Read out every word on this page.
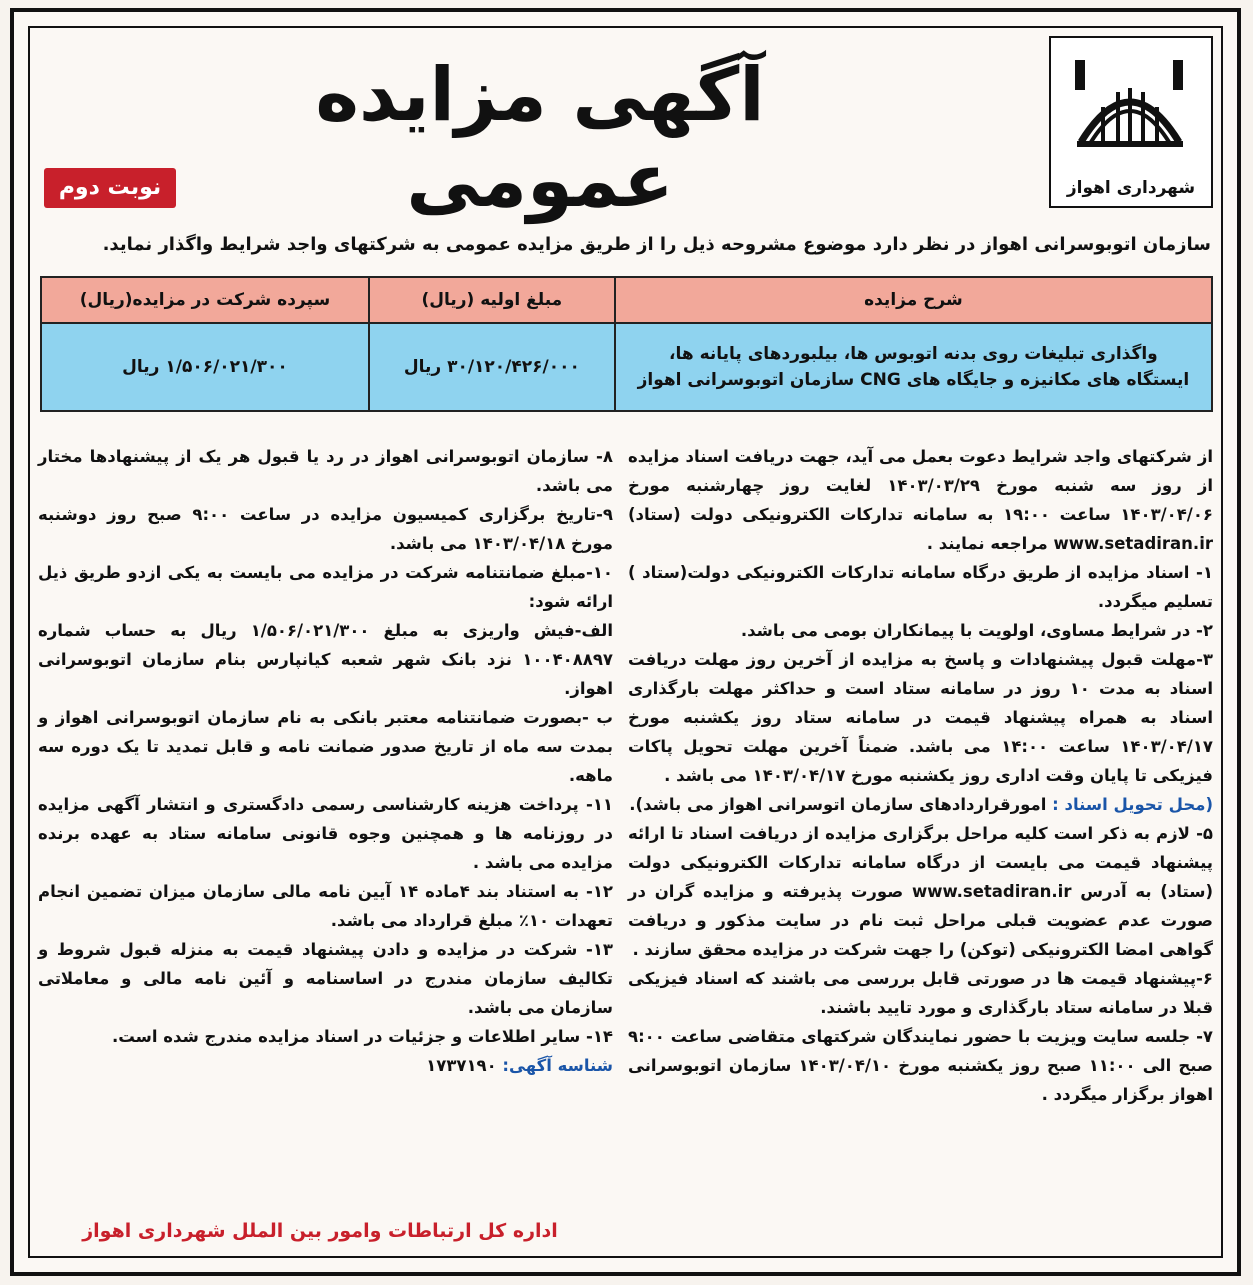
شهرداری اهواز
آگهی مزایده عمومی
نوبت دوم
سازمان اتوبوسرانی اهواز در نظر دارد موضوع مشروحه ذیل را از طریق مزایده عمومی به شرکتهای واجد شرایط واگذار نماید.
شرح مزایده	مبلغ اولیه (ریال)	سپرده شرکت در مزایده(ریال)

واگذاری تبلیغات روی بدنه اتوبوس ها، بیلبوردهای پایانه ها،
ایستگاه های مکانیزه و جایگاه های CNG سازمان اتوبوسرانی اهواز	۳۰/۱۲۰/۴۲۶/۰۰۰ ریال	۱/۵۰۶/۰۲۱/۳۰۰ ریال

از شرکتهای واجد شرایط دعوت بعمل می آید، جهت دریافت اسناد مزایده از روز سه شنبه مورخ ۱۴۰۳/۰۳/۲۹ لغایت روز چهارشنبه مورخ ۱۴۰۳/۰۴/۰۶ ساعت ۱۹:۰۰ به سامانه تدارکات الکترونیکی دولت (ستاد) www.setadiran.ir مراجعه نمایند .

۱- اسناد مزایده از طریق درگاه سامانه تدارکات الکترونیکی دولت(ستاد ) تسلیم میگردد.

۲- در شرایط مساوی، اولویت با پیمانکاران بومی می باشد.

۳-مهلت قبول پیشنهادات و پاسخ به مزایده از آخرین روز مهلت دریافت اسناد به مدت ۱۰ روز در سامانه ستاد است و حداکثر مهلت بارگذاری اسناد به همراه پیشنهاد قیمت در سامانه ستاد روز یکشنبه مورخ ۱۴۰۳/۰۴/۱۷ ساعت ۱۴:۰۰ می باشد. ضمناً آخرین مهلت تحویل پاکات فیزیکی تا پایان وقت اداری روز یکشنبه مورخ ۱۴۰۳/۰۴/۱۷ می باشد .

(محل تحویل اسناد : امورقراردادهای سازمان اتوسرانی اهواز می باشد).

۵- لازم به ذکر است کلیه مراحل برگزاری مزایده از دریافت اسناد تا ارائه پیشنهاد قیمت می بایست از درگاه سامانه تدارکات الکترونیکی دولت (ستاد) به آدرس www.setadiran.ir صورت پذیرفته و مزایده گران در صورت عدم عضویت قبلی مراحل ثبت نام در سایت مذکور و دریافت گواهی امضا الکترونیکی (توکن) را جهت شرکت در مزایده محقق سازند .

۶-پیشنهاد قیمت ها در صورتی قابل بررسی می باشند که اسناد فیزیکی قبلا در سامانه ستاد بارگذاری و مورد تایید باشند.

۷- جلسه سایت ویزیت با حضور نمایندگان شرکتهای متقاضی ساعت ۹:۰۰ صبح الی ۱۱:۰۰ صبح روز یکشنبه مورخ ۱۴۰۳/۰۴/۱۰ سازمان اتوبوسرانی اهواز برگزار میگردد .

۸- سازمان اتوبوسرانی اهواز در رد یا قبول هر یک از پیشنهادها مختار می باشد.

۹-تاریخ برگزاری کمیسیون مزایده در ساعت ۹:۰۰ صبح روز دوشنبه مورخ ۱۴۰۳/۰۴/۱۸ می باشد.

۱۰-مبلغ ضمانتنامه شرکت در مزایده می بایست به یکی ازدو طریق ذیل ارائه شود:

الف-فیش واریزی به مبلغ ۱/۵۰۶/۰۲۱/۳۰۰ ریال به حساب شماره ۱۰۰۴۰۸۸۹۷ نزد بانک شهر شعبه کیانپارس بنام سازمان اتوبوسرانی اهواز.

ب -بصورت ضمانتنامه معتبر بانکی به نام سازمان اتوبوسرانی اهواز و بمدت سه ماه از تاریخ صدور ضمانت نامه و قابل تمدید تا یک دوره سه ماهه.

۱۱- پرداخت هزینه کارشناسی رسمی دادگستری و انتشار آگهی مزایده در روزنامه ها و همچنین وجوه قانونی سامانه ستاد به عهده برنده مزایده می باشد .

۱۲- به استناد بند ۴ماده ۱۴ آیین نامه مالی سازمان میزان تضمین انجام تعهدات ۱۰٪ مبلغ قرارداد می باشد.

۱۳- شرکت در مزایده و دادن پیشنهاد قیمت به منزله قبول شروط و تکالیف سازمان مندرج در اساسنامه و آئین نامه مالی و معاملاتی سازمان می باشد.

۱۴- سایر اطلاعات و جزئیات در اسناد مزایده مندرج شده است.

شناسه آگهی: ۱۷۳۷۱۹۰

اداره کل ارتباطات وامور بین الملل شهرداری اهواز
